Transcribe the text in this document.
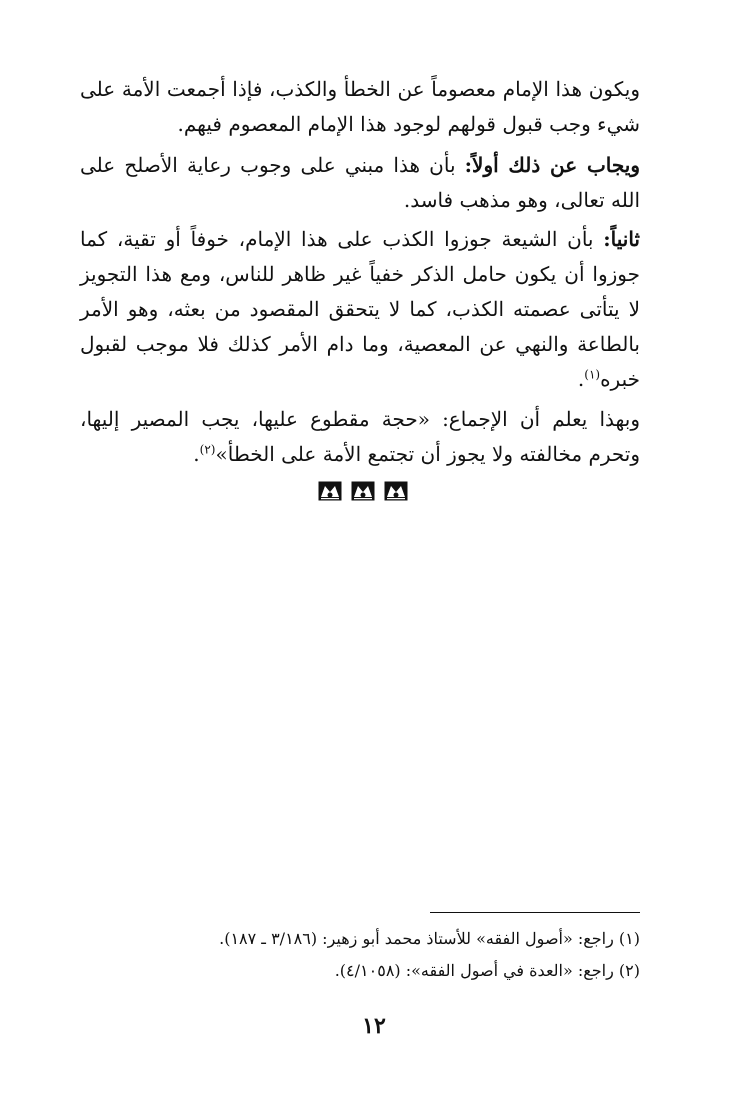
ويكون هذا الإمام معصوماً عن الخطأ والكذب، فإذا أجمعت الأمة على شيء وجب قبول قولهم لوجود هذا الإمام المعصوم فيهم.
ويجاب عن ذلك أولاً: بأن هذا مبني على وجوب رعاية الأصلح على الله تعالى، وهو مذهب فاسد.
ثانياً: بأن الشيعة جوزوا الكذب على هذا الإمام، خوفاً أو تقية، كما جوزوا أن يكون حامل الذكر خفياً غير ظاهر للناس، ومع هذا التجويز لا يتأتى عصمته الكذب، كما لا يتحقق المقصود من بعثه، وهو الأمر بالطاعة والنهي عن المعصية، وما دام الأمر كذلك فلا موجب لقبول خبره$^{(١)}$.
وبهذا يعلم أن الإجماع: «حجة مقطوع عليها، يجب المصير إليها، وتحرم مخالفته ولا يجوز أن تجتمع الأمة على الخطأ»$^{(٢)}$.
(١) راجع: «أصول الفقه» للأستاذ محمد أبو زهير: (٣/١٨٦ ـ ١٨٧).
(٢) راجع: «العدة في أصول الفقه»: (٤/١٠٥٨).
١٢
